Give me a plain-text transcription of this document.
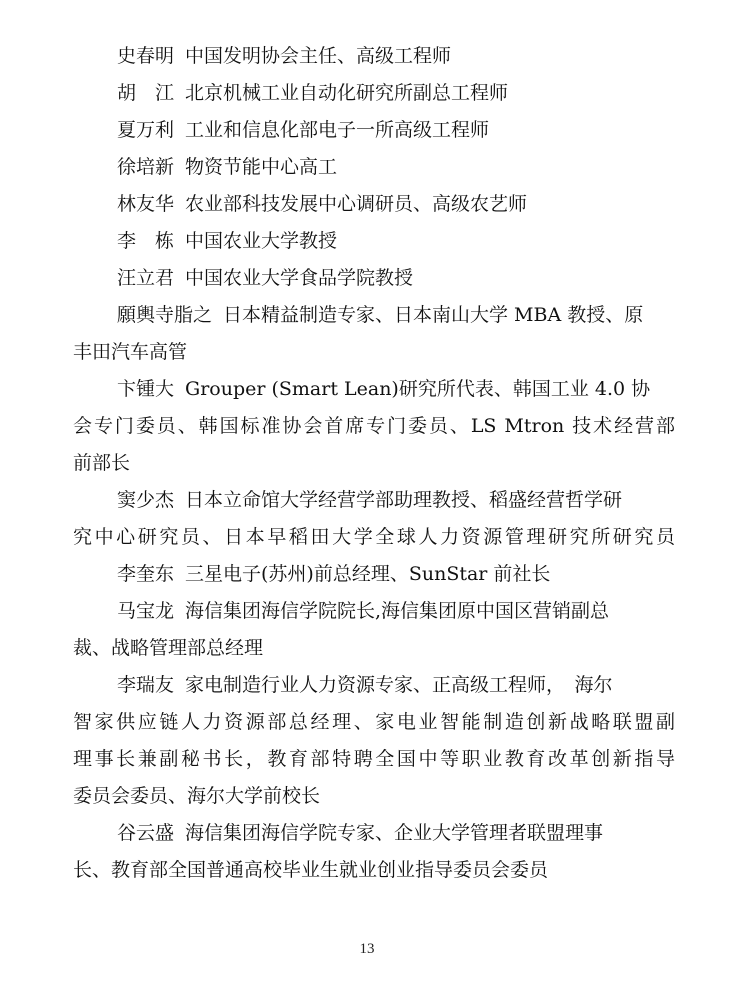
史春明 中国发明协会主任、高级工程师
胡　江 北京机械工业自动化研究所副总工程师
夏万利 工业和信息化部电子一所高级工程师
徐培新 物资节能中心高工
林友华 农业部科技发展中心调研员、高级农艺师
李　栋 中国农业大学教授
汪立君 中国农业大学食品学院教授
願輿寺脂之 日本精益制造专家、日本南山大学 MBA 教授、原
丰田汽车高管
卞锺大 Grouper (Smart Lean)研究所代表、韩国工业 4.0 协
会专门委员、韩国标准协会首席专门委员、LS Mtron 技术经营部
前部长
窦少杰 日本立命馆大学经营学部助理教授、稻盛经营哲学研
究中心研究员、日本早稻田大学全球人力资源管理研究所研究员
李奎东 三星电子(苏州)前总经理、SunStar 前社长
马宝龙 海信集团海信学院院长,海信集团原中国区营销副总
裁、战略管理部总经理
李瑞友 家电制造行业人力资源专家、正高级工程师，　海尔
智家供应链人力资源部总经理、家电业智能制造创新战略联盟副
理事长兼副秘书长，教育部特聘全国中等职业教育改革创新指导
委员会委员、海尔大学前校长
谷云盛 海信集团海信学院专家、企业大学管理者联盟理事
长、教育部全国普通高校毕业生就业创业指导委员会委员
13
